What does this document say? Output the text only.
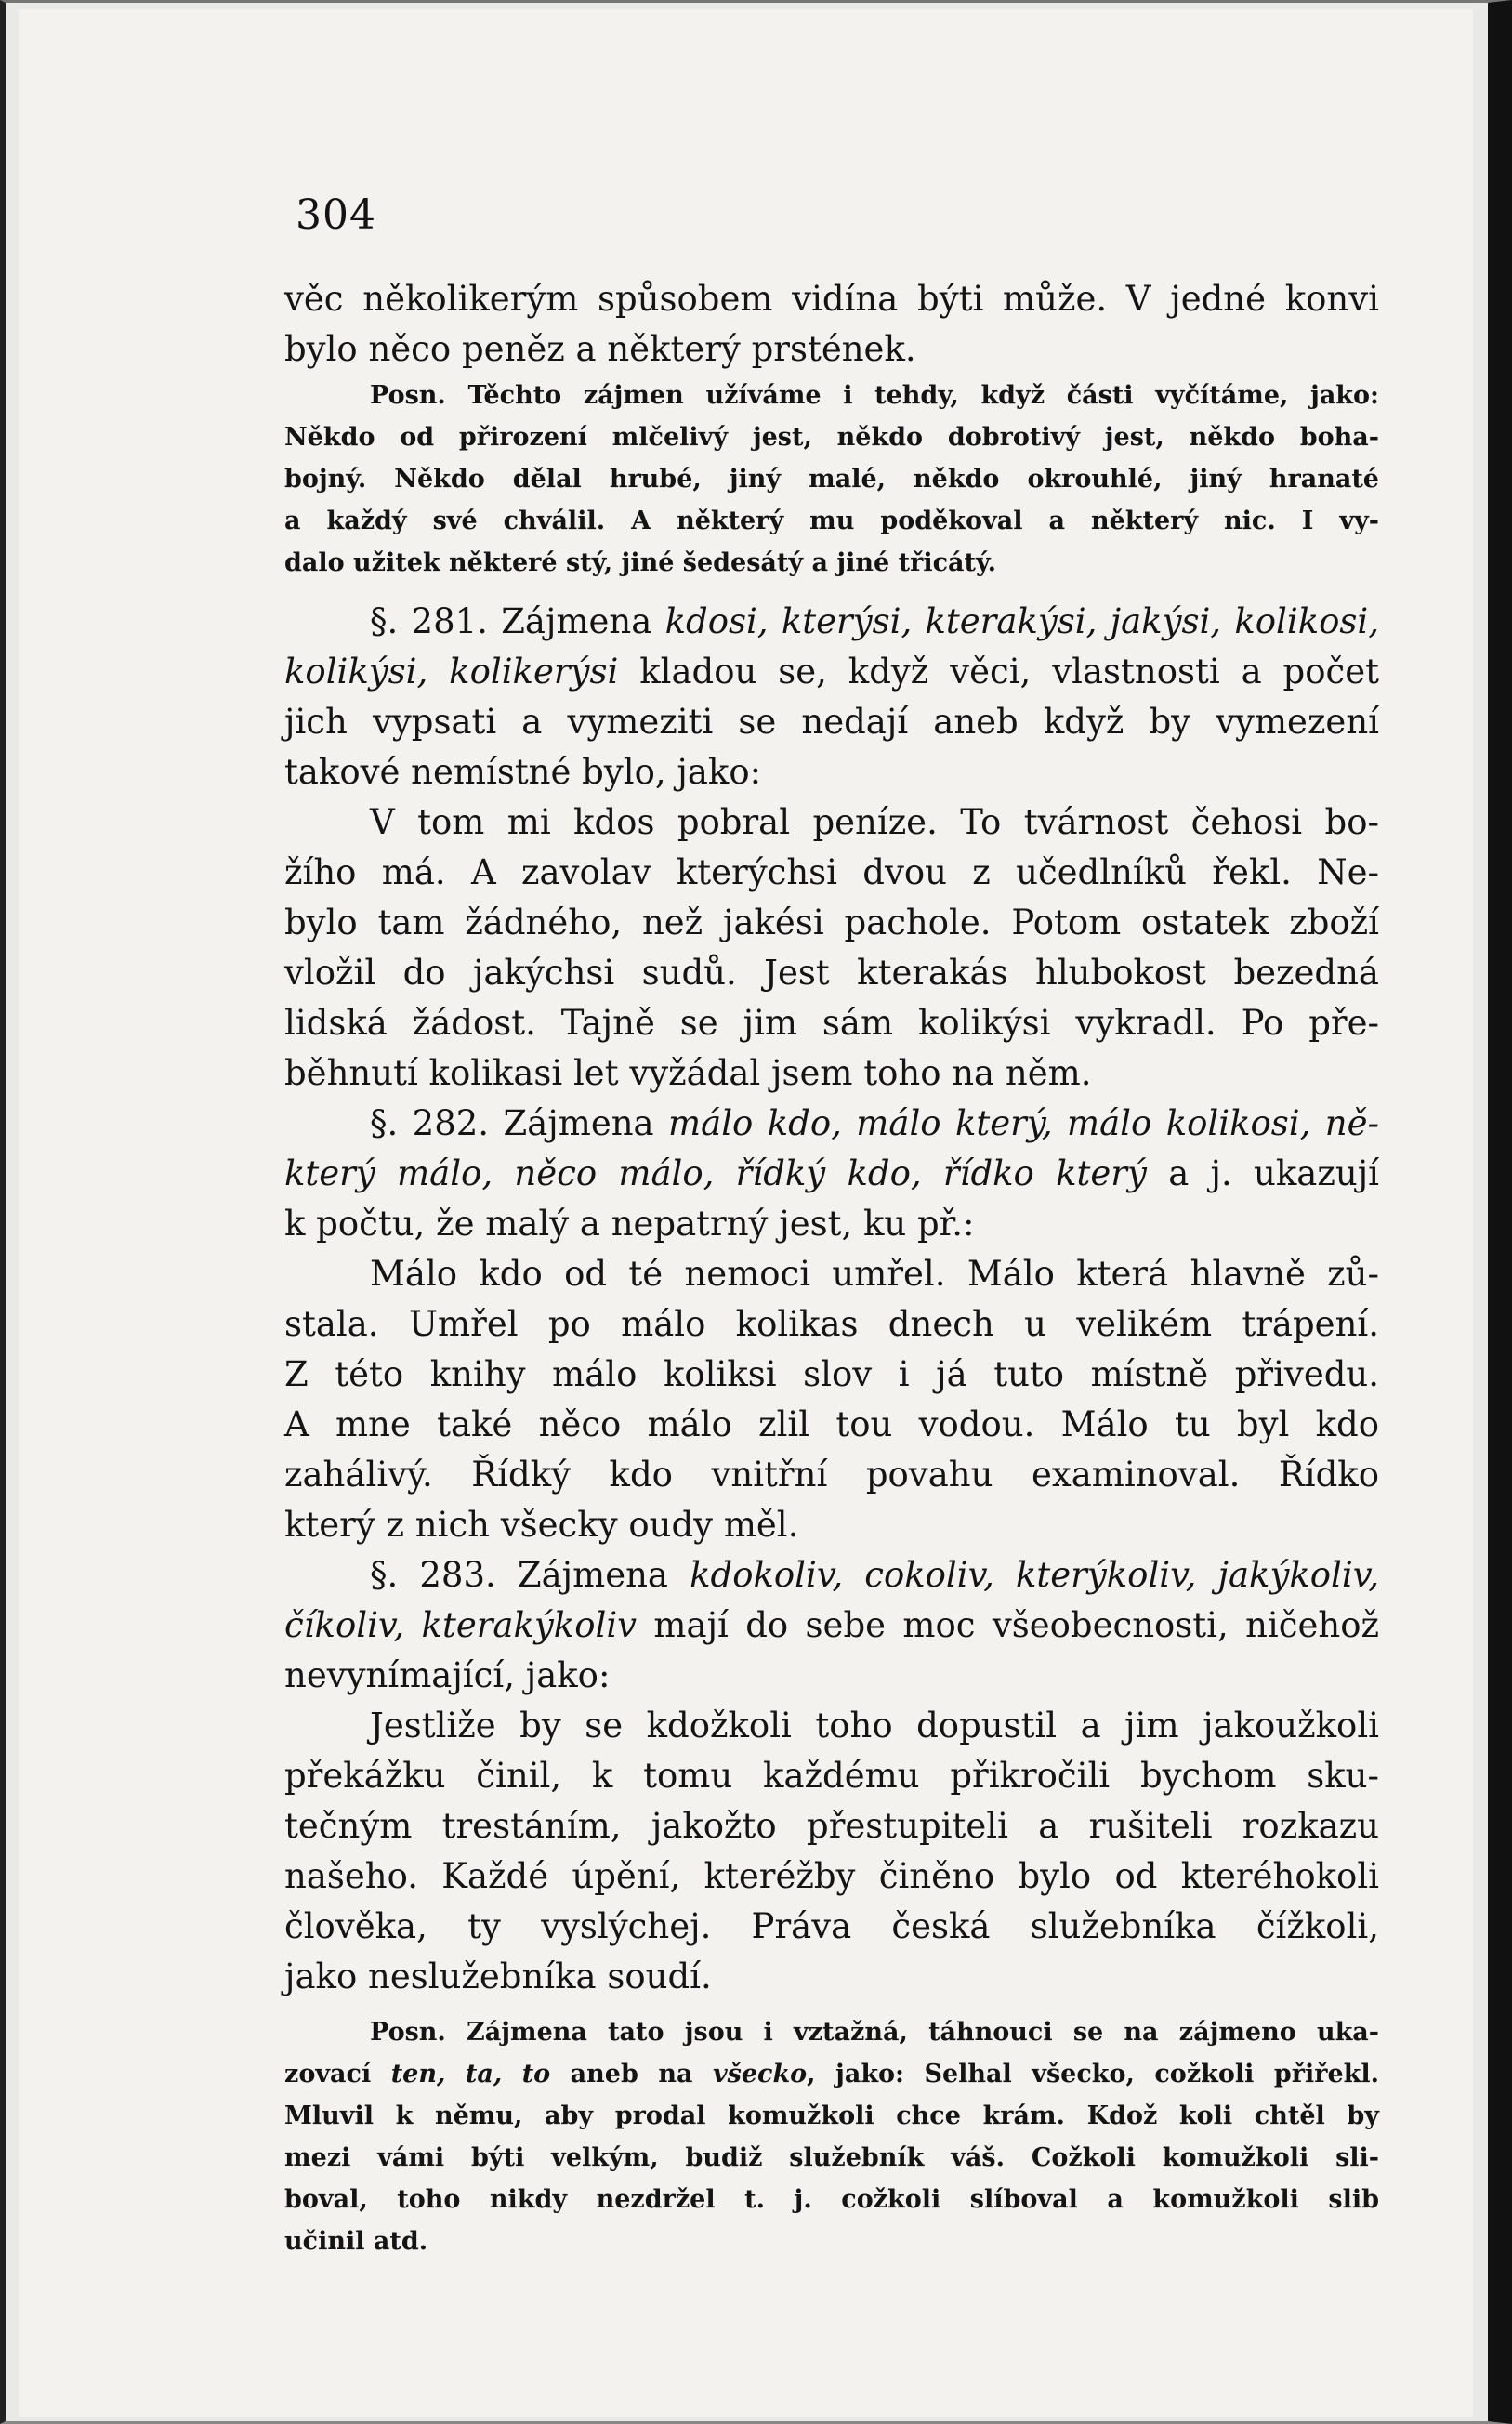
304
věc několikerým spůsobem vidína býti může. V jedné konvi
bylo něco peněz a některý prstének.
Posn. Těchto zájmen užíváme i tehdy, když části vyčítáme, jako:
Někdo od přirození mlčelivý jest, někdo dobrotivý jest, někdo boha-
bojný. Někdo dělal hrubé, jiný malé, někdo okrouhlé, jiný hranaté
a každý své chválil. A některý mu poděkoval a některý nic. I vy-
dalo užitek některé stý, jiné šedesátý a jiné třicátý.
§. 281. Zájmena kdosi, kterýsi, kterakýsi, jakýsi, kolikosi,
kolikýsi, kolikerýsi kladou se, když věci, vlastnosti a počet
jich vypsati a vymeziti se nedají aneb když by vymezení
takové nemístné bylo, jako:
V tom mi kdos pobral peníze. To tvárnost čehosi bo-
žího má. A zavolav kterýchsi dvou z učedlníků řekl. Ne-
bylo tam žádného, než jakési pachole. Potom ostatek zboží
vložil do jakýchsi sudů. Jest kterakás hlubokost bezedná
lidská žádost. Tajně se jim sám kolikýsi vykradl. Po pře-
běhnutí kolikasi let vyžádal jsem toho na něm.
§. 282. Zájmena málo kdo, málo který, málo kolikosi, ně-
který málo, něco málo, řídký kdo, řídko který a j. ukazují
k počtu, že malý a nepatrný jest, ku př.:
Málo kdo od té nemoci umřel. Málo která hlavně zů-
stala. Umřel po málo kolikas dnech u velikém trápení.
Z této knihy málo koliksi slov i já tuto místně přivedu.
A mne také něco málo zlil tou vodou. Málo tu byl kdo
zahálivý. Řídký kdo vnitřní povahu examinoval. Řídko
který z nich všecky oudy měl.
§. 283. Zájmena kdokoliv, cokoliv, kterýkoliv, jakýkoliv,
číkoliv, kterakýkoliv mají do sebe moc všeobecnosti, ničehož
nevynímající, jako:
Jestliže by se kdožkoli toho dopustil a jim jakoužkoli
překážku činil, k tomu každému přikročili bychom sku-
tečným trestáním, jakožto přestupiteli a rušiteli rozkazu
našeho. Každé úpění, kteréžby činěno bylo od kteréhokoli
člověka, ty vyslýchej. Práva česká služebníka čížkoli,
jako neslužebníka soudí.
Posn. Zájmena tato jsou i vztažná, táhnouci se na zájmeno uka-
zovací ten, ta, to aneb na všecko, jako: Selhal všecko, cožkoli přiřekl.
Mluvil k němu, aby prodal komužkoli chce krám. Kdož koli chtěl by
mezi vámi býti velkým, budiž služebník váš. Cožkoli komužkoli sli-
boval, toho nikdy nezdržel t. j. cožkoli slíboval a komužkoli slib
učinil atd.
